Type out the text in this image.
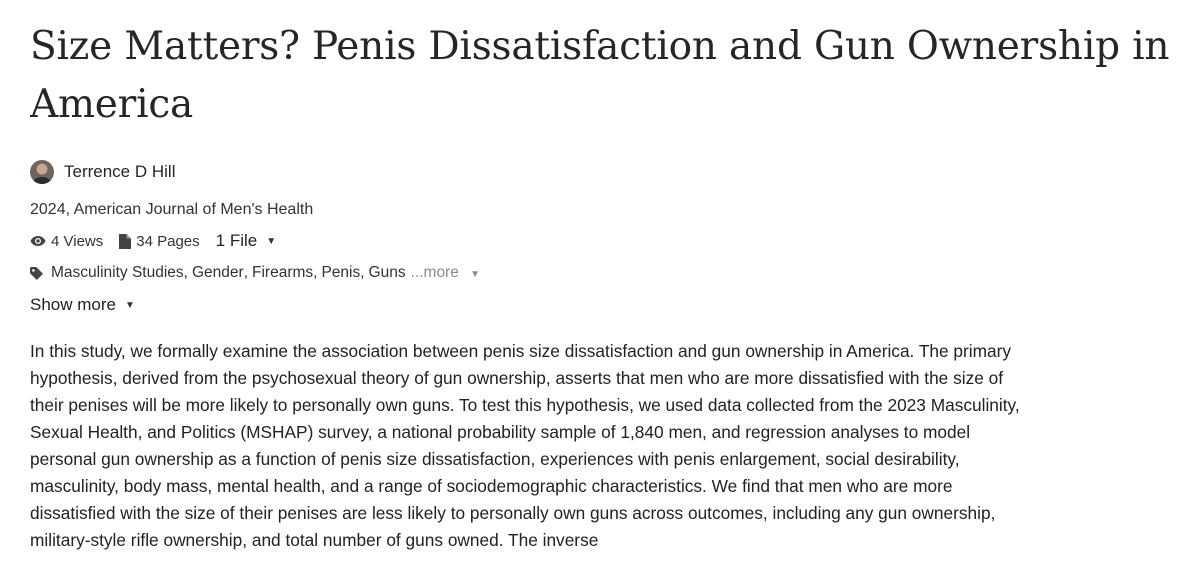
Size Matters? Penis Dissatisfaction and Gun Ownership in America
Terrence D Hill
2024, American Journal of Men's Health
4 Views 34 Pages 1 File ▼
Masculinity Studies , Gender , Firearms , Penis , Guns ...more ▼
Show more ▼

In this study, we formally examine the association between penis size dissatisfaction and gun ownership in America. The primary hypothesis, derived from the psychosexual theory of gun ownership, asserts that men who are more dissatisfied with the size of their penises will be more likely to personally own guns. To test this hypothesis, we used data collected from the 2023 Masculinity, Sexual Health, and Politics (MSHAP) survey, a national probability sample of 1,840 men, and regression analyses to model personal gun ownership as a function of penis size dissatisfaction, experiences with penis enlargement, social desirability, masculinity, body mass, mental health, and a range of sociodemographic characteristics. We find that men who are more dissatisfied with the size of their penises are less likely to personally own guns across outcomes, including any gun ownership, military-style rifle ownership, and total number of guns owned. The inverse
